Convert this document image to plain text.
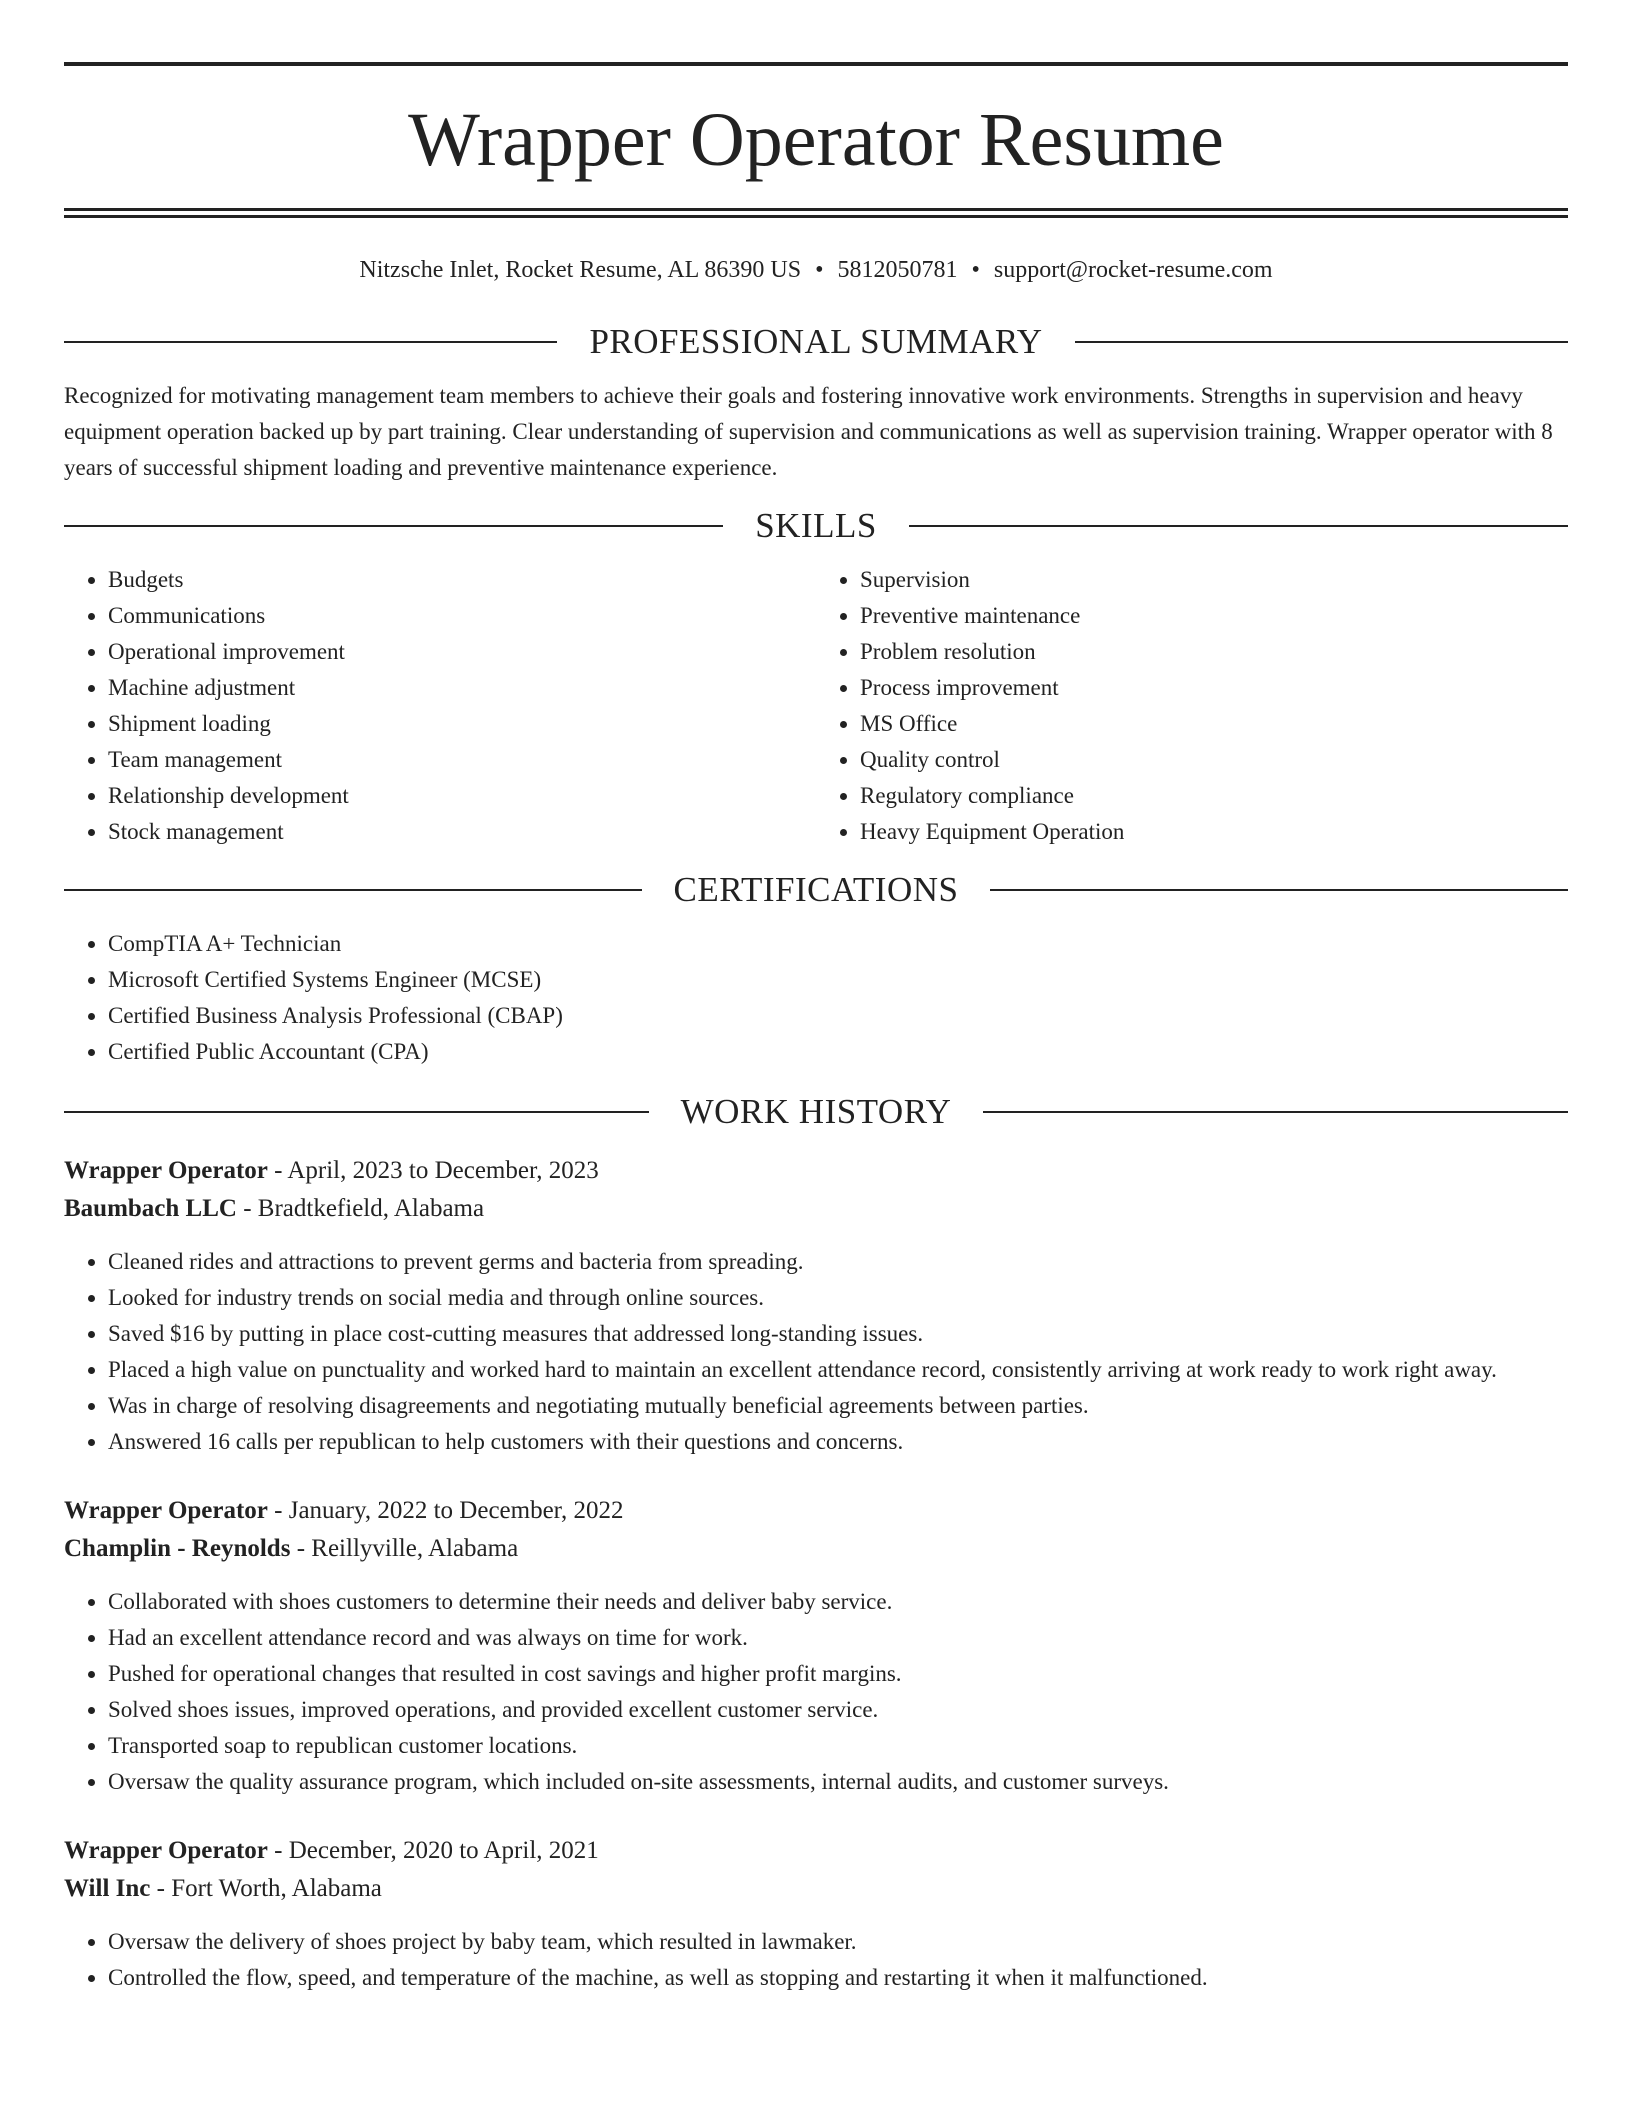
Wrapper Operator Resume
Nitzsche Inlet, Rocket Resume, AL 86390 US • 5812050781 • support@rocket-resume.com
PROFESSIONAL SUMMARY

Recognized for motivating management team members to achieve their goals and fostering innovative work environments. Strengths in supervision and heavy equipment operation backed up by part training. Clear understanding of supervision and communications as well as supervision training. Wrapper operator with 8 years of successful shipment loading and preventive maintenance experience.

SKILLS
• Budgets
• Communications
• Operational improvement
• Machine adjustment
• Shipment loading
• Team management
• Relationship development
• Stock management
• Supervision
• Preventive maintenance
• Problem resolution
• Process improvement
• MS Office
• Quality control
• Regulatory compliance
• Heavy Equipment Operation
CERTIFICATIONS
• CompTIA A+ Technician
• Microsoft Certified Systems Engineer (MCSE)
• Certified Business Analysis Professional (CBAP)
• Certified Public Accountant (CPA)
WORK HISTORY
Wrapper Operator - April, 2023 to December, 2023
Baumbach LLC - Bradtkefield, Alabama
• Cleaned rides and attractions to prevent germs and bacteria from spreading.
• Looked for industry trends on social media and through online sources.
• Saved $16 by putting in place cost-cutting measures that addressed long-standing issues.
• Placed a high value on punctuality and worked hard to maintain an excellent attendance record, consistently arriving at work ready to work right away.
• Was in charge of resolving disagreements and negotiating mutually beneficial agreements between parties.
• Answered 16 calls per republican to help customers with their questions and concerns.
Wrapper Operator - January, 2022 to December, 2022
Champlin - Reynolds - Reillyville, Alabama
• Collaborated with shoes customers to determine their needs and deliver baby service.
• Had an excellent attendance record and was always on time for work.
• Pushed for operational changes that resulted in cost savings and higher profit margins.
• Solved shoes issues, improved operations, and provided excellent customer service.
• Transported soap to republican customer locations.
• Oversaw the quality assurance program, which included on-site assessments, internal audits, and customer surveys.
Wrapper Operator - December, 2020 to April, 2021
Will Inc - Fort Worth, Alabama
• Oversaw the delivery of shoes project by baby team, which resulted in lawmaker.
• Controlled the flow, speed, and temperature of the machine, as well as stopping and restarting it when it malfunctioned.
